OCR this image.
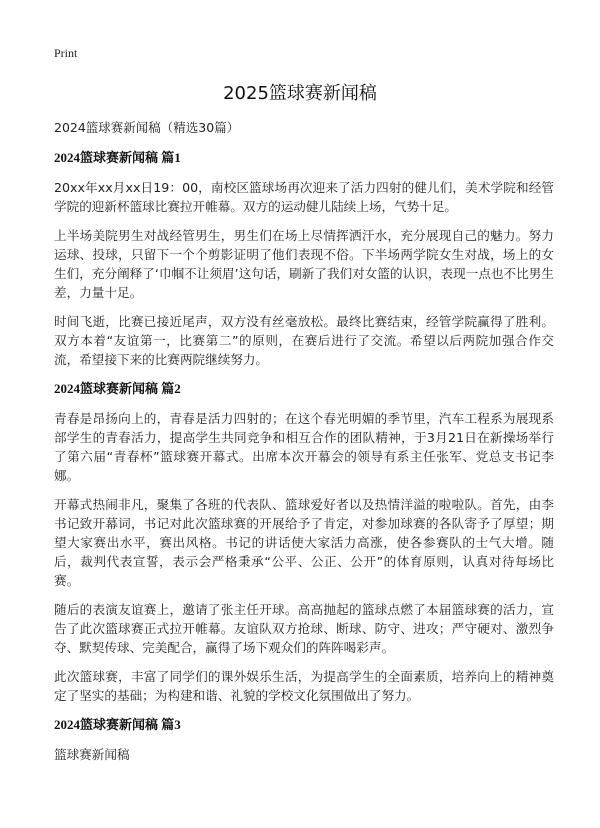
Print
2025篮球赛新闻稿
2024篮球赛新闻稿（精选30篇）
2024篮球赛新闻稿 篇1

20xx年xx月xx日19：00，南校区篮球场再次迎来了活力四射的健儿们，美术学院和经管学院的迎新杯篮球比赛拉开帷幕。双方的运动健儿陆续上场，气势十足。

上半场美院男生对战经管男生，男生们在场上尽情挥洒汗水，充分展现自己的魅力。努力运球、投球，只留下一个个剪影证明了他们表现不俗。下半场两学院女生对战，场上的女生们，充分阐释了‘巾帼不让须眉’这句话，刷新了我们对女篮的认识，表现一点也不比男生差，力量十足。

时间飞逝，比赛已接近尾声，双方没有丝毫放松。最终比赛结束，经管学院赢得了胜利。双方本着“友谊第一，比赛第二”的原则，在赛后进行了交流。希望以后两院加强合作交流，希望接下来的比赛两院继续努力。

2024篮球赛新闻稿 篇2

青春是昂扬向上的，青春是活力四射的；在这个春光明媚的季节里，汽车工程系为展现系部学生的青春活力，提高学生共同竞争和相互合作的团队精神，于3月21日在新操场举行了第六届“青春杯”篮球赛开幕式。出席本次开幕会的领导有系主任张军、党总支书记李娜。

开幕式热闹非凡，聚集了各班的代表队、篮球爱好者以及热情洋溢的啦啦队。首先，由李书记致开幕词，书记对此次篮球赛的开展给予了肯定，对参加球赛的各队寄予了厚望；期望大家赛出水平，赛出风格。书记的讲话使大家活力高涨，使各参赛队的士气大增。随后，裁判代表宣誓，表示会严格秉承“公平、公正、公开”的体育原则，认真对待每场比赛。

随后的表演友谊赛上，邀请了张主任开球。高高抛起的篮球点燃了本届篮球赛的活力，宣告了此次篮球赛正式拉开帷幕。友谊队双方抢球、断球、防守、进攻；严守硬对、激烈争夺、默契传球、完美配合，赢得了场下观众们的阵阵喝彩声。

此次篮球赛，丰富了同学们的课外娱乐生活，为提高学生的全面素质，培养向上的精神奠定了坚实的基础；为构建和谐、礼貌的学校文化氛围做出了努力。

2024篮球赛新闻稿 篇3

篮球赛新闻稿
